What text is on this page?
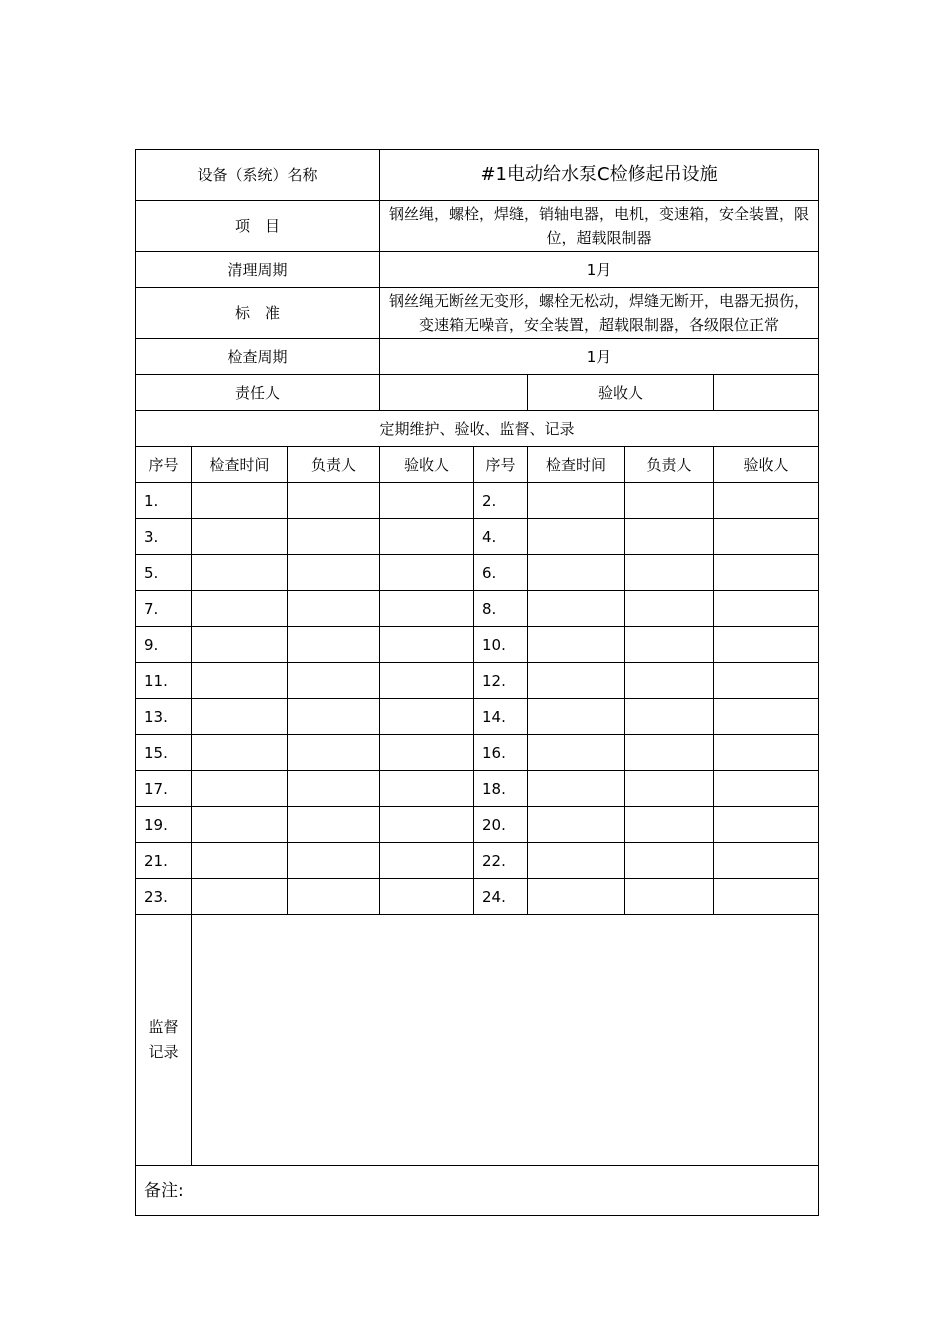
设备（系统）名称			#1电动给水泵C检修起吊设施				
项　目			钢丝绳，螺栓，焊缝，销轴电器，电机，变速箱，安全装置，限位，超载限制器				
清理周期			1月				
标　准			钢丝绳无断丝无变形，螺栓无松动，焊缝无断开，电器无损伤，变速箱无噪音，安全装置，超载限制器，各级限位正常				
检查周期			1月				
责任人					验收人		
定期维护、验收、监督、记录							
序号	检查时间	负责人	验收人	序号	检查时间	负责人	验收人
1.				2.			
3.				4.			
5.				6.			
7.				8.			
9.				10.			
11.				12.			
13.				14.			
15.				16.			
17.				18.			
19.				20.			
21.				22.			
23.				24.			

监督
记录							

备注:							
